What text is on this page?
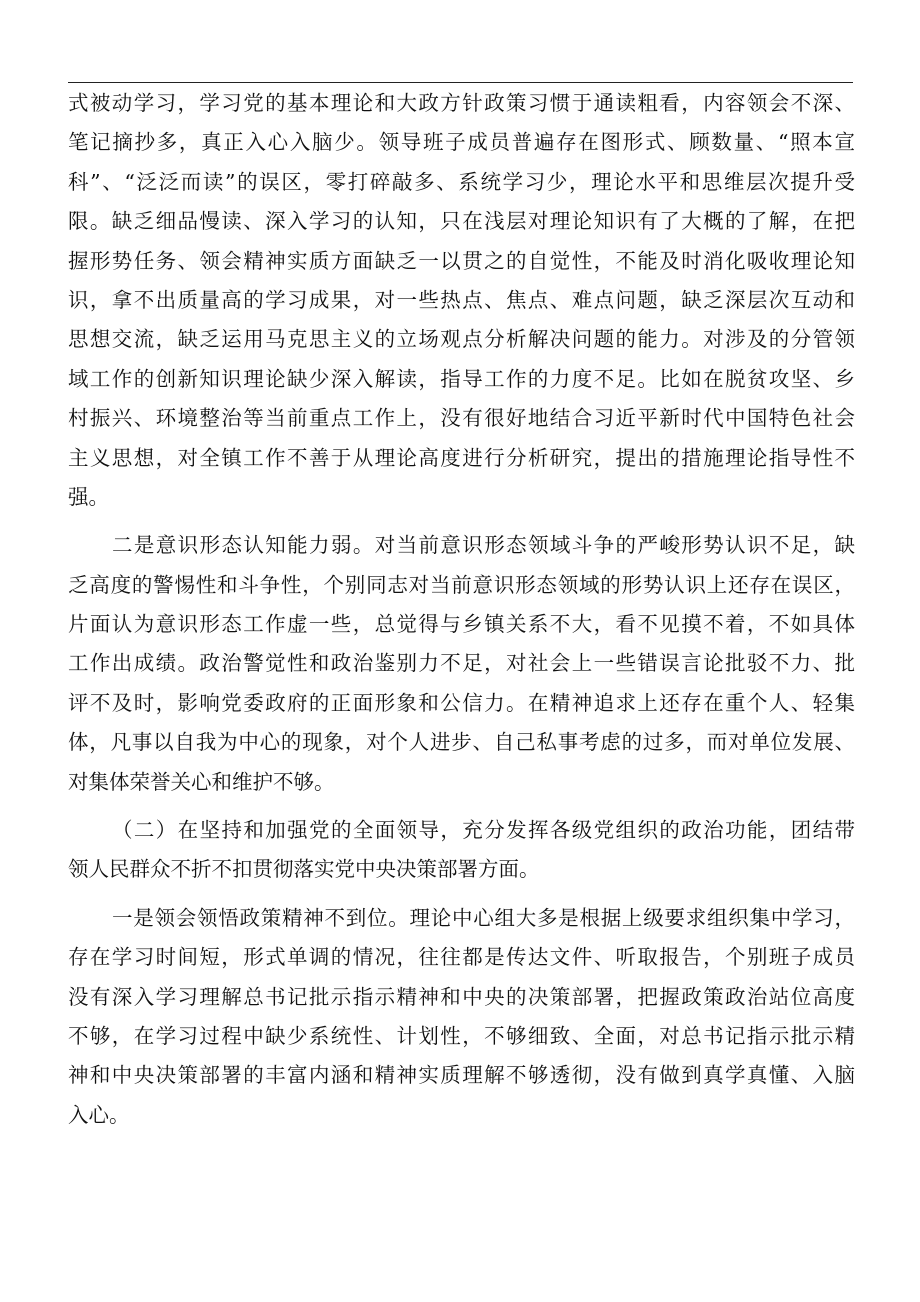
式被动学习，学习党的基本理论和大政方针政策习惯于通读粗看，内容领会不深、
笔记摘抄多，真正入心入脑少。领导班子成员普遍存在图形式、顾数量、“照本宣
科”、“泛泛而读”的误区，零打碎敲多、系统学习少，理论水平和思维层次提升受
限。缺乏细品慢读、深入学习的认知，只在浅层对理论知识有了大概的了解，在把
握形势任务、领会精神实质方面缺乏一以贯之的自觉性，不能及时消化吸收理论知
识，拿不出质量高的学习成果，对一些热点、焦点、难点问题，缺乏深层次互动和
思想交流，缺乏运用马克思主义的立场观点分析解决问题的能力。对涉及的分管领
域工作的创新知识理论缺少深入解读，指导工作的力度不足。比如在脱贫攻坚、乡
村振兴、环境整治等当前重点工作上，没有很好地结合习近平新时代中国特色社会
主义思想，对全镇工作不善于从理论高度进行分析研究，提出的措施理论指导性不
强。
二是意识形态认知能力弱。对当前意识形态领域斗争的严峻形势认识不足，缺
乏高度的警惕性和斗争性，个别同志对当前意识形态领域的形势认识上还存在误区，
片面认为意识形态工作虚一些，总觉得与乡镇关系不大，看不见摸不着，不如具体
工作出成绩。政治警觉性和政治鉴别力不足，对社会上一些错误言论批驳不力、批
评不及时，影响党委政府的正面形象和公信力。在精神追求上还存在重个人、轻集
体，凡事以自我为中心的现象，对个人进步、自己私事考虑的过多，而对单位发展、
对集体荣誉关心和维护不够。
（二）在坚持和加强党的全面领导，充分发挥各级党组织的政治功能，团结带
领人民群众不折不扣贯彻落实党中央决策部署方面。
一是领会领悟政策精神不到位。理论中心组大多是根据上级要求组织集中学习，
存在学习时间短，形式单调的情况，往往都是传达文件、听取报告，个别班子成员
没有深入学习理解总书记批示指示精神和中央的决策部署，把握政策政治站位高度
不够，在学习过程中缺少系统性、计划性，不够细致、全面，对总书记指示批示精
神和中央决策部署的丰富内涵和精神实质理解不够透彻，没有做到真学真懂、入脑
入心。
